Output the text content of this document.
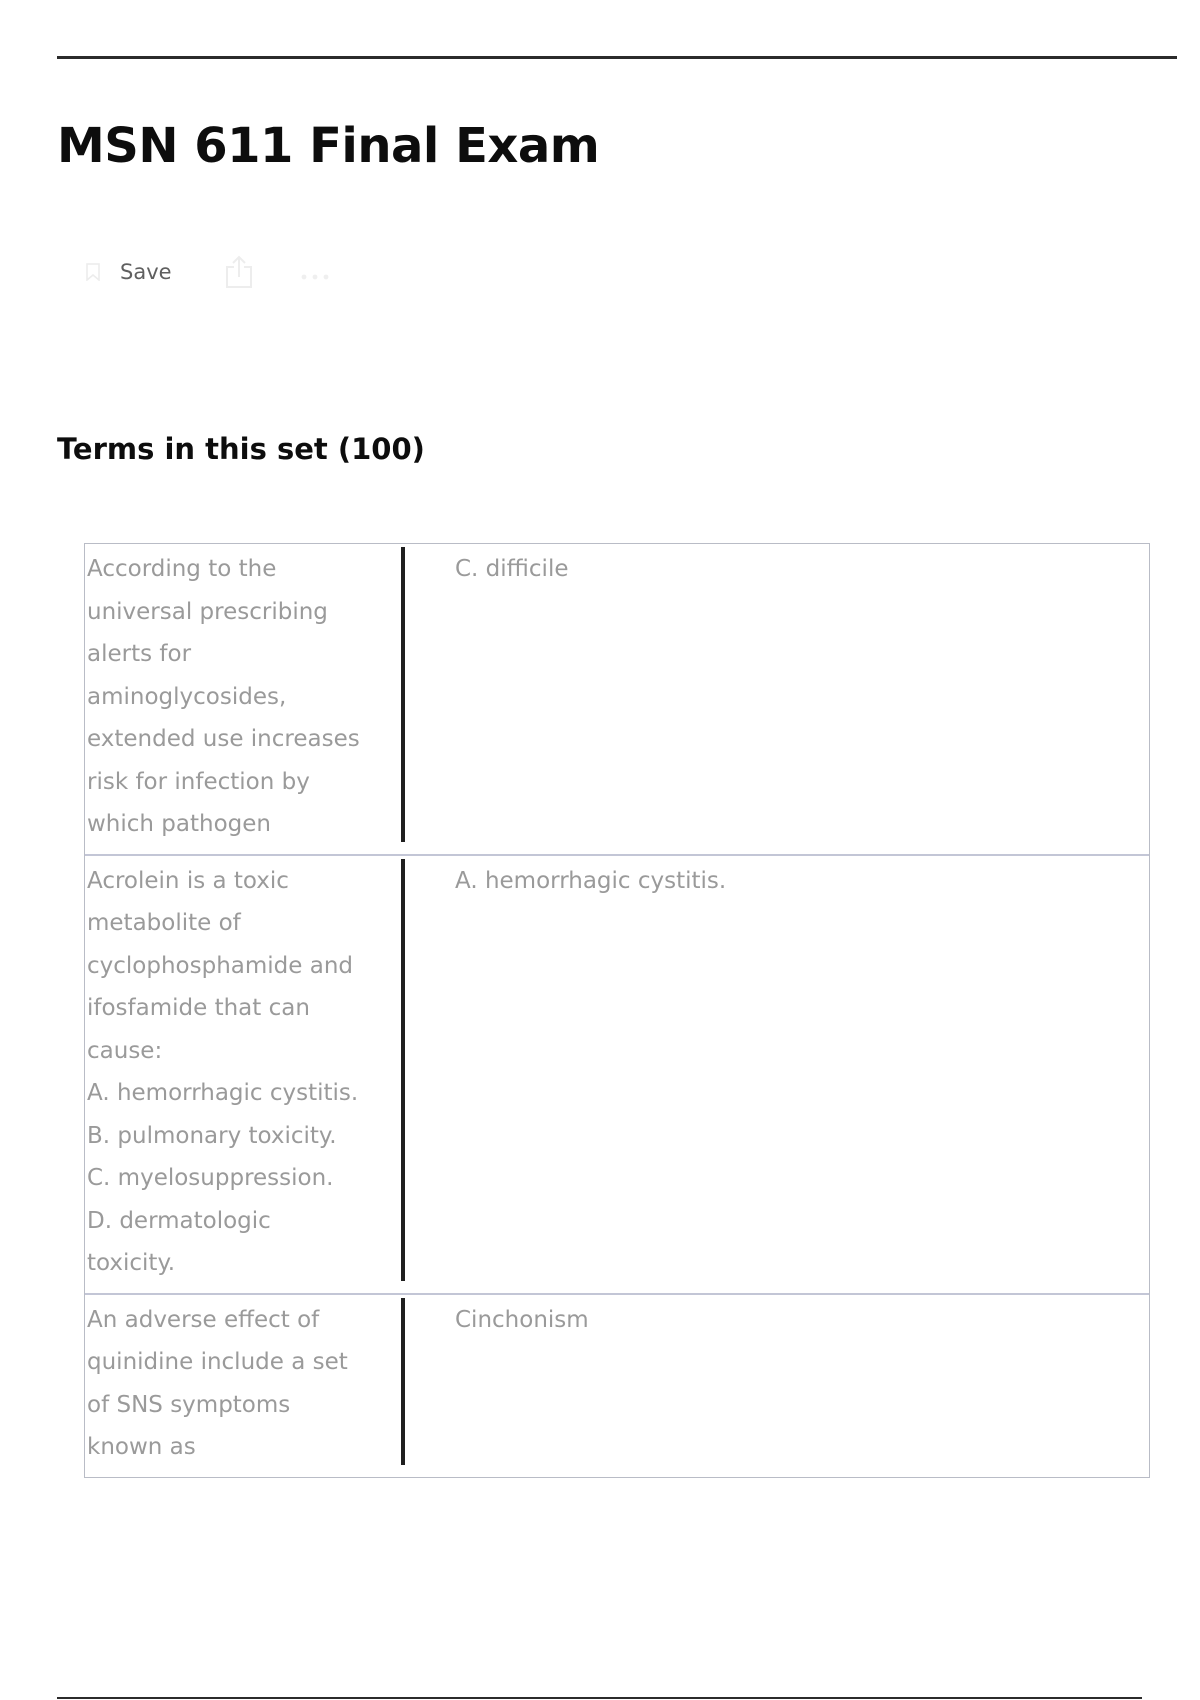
MSN 611 Final Exam
Save
Terms in this set (100)
According to the
universal prescribing
alerts for
aminoglycosides,
extended use increases
risk for infection by
which pathogen
C. difficile
Acrolein is a toxic
metabolite of
cyclophosphamide and
ifosfamide that can
cause:
A. hemorrhagic cystitis.
B. pulmonary toxicity.
C. myelosuppression.
D. dermatologic
toxicity.
A. hemorrhagic cystitis.
An adverse effect of
quinidine include a set
of SNS symptoms
known as
Cinchonism
